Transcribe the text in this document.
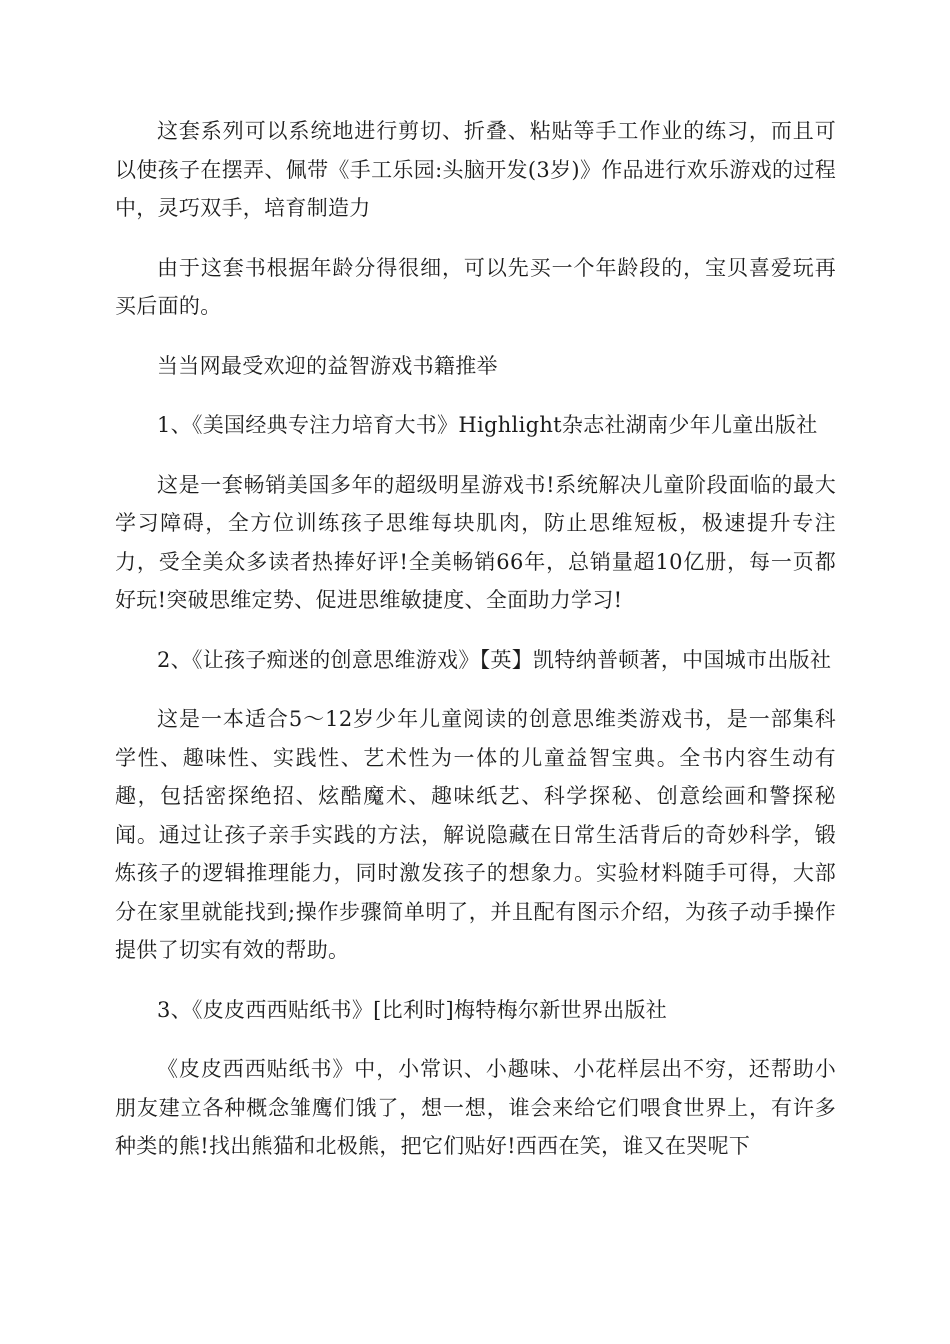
这套系列可以系统地进行剪切、折叠、粘贴等手工作业的练习，而且可以使孩子在摆弄、佩带《手工乐园:头脑开发(3岁)》作品进行欢乐游戏的过程中，灵巧双手，培育制造力

由于这套书根据年龄分得很细，可以先买一个年龄段的，宝贝喜爱玩再买后面的。

当当网最受欢迎的益智游戏书籍推举

1、《美国经典专注力培育大书》Highlight杂志社湖南少年儿童出版社

这是一套畅销美国多年的超级明星游戏书!系统解决儿童阶段面临的最大学习障碍，全方位训练孩子思维每块肌肉，防止思维短板，极速提升专注力，受全美众多读者热捧好评!全美畅销66年，总销量超10亿册，每一页都好玩!突破思维定势、促进思维敏捷度、全面助力学习!

2、《让孩子痴迷的创意思维游戏》【英】凯特纳普顿著，中国城市出版社

这是一本适合5～12岁少年儿童阅读的创意思维类游戏书，是一部集科学性、趣味性、实践性、艺术性为一体的儿童益智宝典。全书内容生动有趣，包括密探绝招、炫酷魔术、趣味纸艺、科学探秘、创意绘画和警探秘闻。通过让孩子亲手实践的方法，解说隐藏在日常生活背后的奇妙科学，锻炼孩子的逻辑推理能力，同时激发孩子的想象力。实验材料随手可得，大部分在家里就能找到;操作步骤简单明了，并且配有图示介绍，为孩子动手操作提供了切实有效的帮助。

3、《皮皮西西贴纸书》[比利时]梅特梅尔新世界出版社

《皮皮西西贴纸书》中，小常识、小趣味、小花样层出不穷，还帮助小朋友建立各种概念雏鹰们饿了，想一想，谁会来给它们喂食世界上，有许多种类的熊!找出熊猫和北极熊，把它们贴好!西西在笑，谁又在哭呢下
